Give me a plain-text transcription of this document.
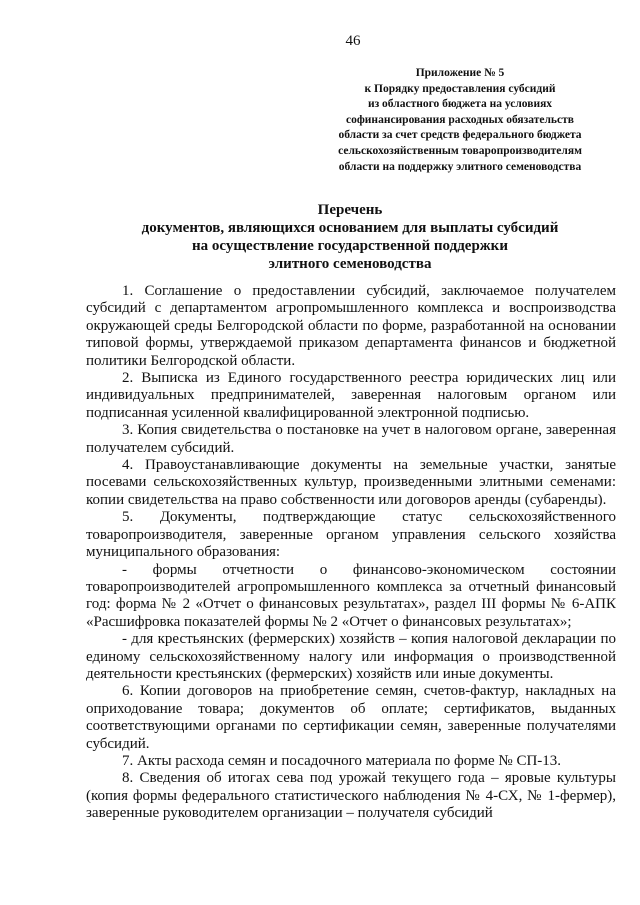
46
Приложение № 5
к Порядку предоставления субсидий
из областного бюджета на условиях
софинансирования расходных обязательств
области за счет средств федерального бюджета
сельскохозяйственным товаропроизводителям
области на поддержку элитного семеноводства
Перечень
документов, являющихся основанием для выплаты субсидий
на осуществление государственной поддержки
элитного семеноводства

1. Соглашение о предоставлении субсидий, заключаемое получателем субсидий с департаментом агропромышленного комплекса и воспроизводства окружающей среды Белгородской области по форме, разработанной на основании типовой формы, утверждаемой приказом департамента финансов и бюджетной политики Белгородской области.

2. Выписка из Единого государственного реестра юридических лиц или индивидуальных предпринимателей, заверенная налоговым органом или подписанная усиленной квалифицированной электронной подписью.

3. Копия свидетельства о постановке на учет в налоговом органе, заверенная получателем субсидий.

4. Правоустанавливающие документы на земельные участки, занятые посевами сельскохозяйственных культур, произведенными элитными семенами: копии свидетельства на право собственности или договоров аренды (субаренды).

5. Документы, подтверждающие статус сельскохозяйственного товаропроизводителя, заверенные органом управления сельского хозяйства муниципального образования:

- формы отчетности о финансово-экономическом состоянии товаропроизводителей агропромышленного комплекса за отчетный финансовый год: форма № 2 «Отчет о финансовых результатах», раздел III формы № 6-АПК «Расшифровка показателей формы № 2 «Отчет о финансовых результатах»;

- для крестьянских (фермерских) хозяйств – копия налоговой декларации по единому сельскохозяйственному налогу или информация о производственной деятельности крестьянских (фермерских) хозяйств или иные документы.

6. Копии договоров на приобретение семян, счетов-фактур, накладных на оприходование товара; документов об оплате; сертификатов, выданных соответствующими органами по сертификации семян, заверенные получателями субсидий.

7. Акты расхода семян и посадочного материала по форме № СП-13.

8. Сведения об итогах сева под урожай текущего года – яровые культуры (копия формы федерального статистического наблюдения № 4-СХ, № 1-фермер), заверенные руководителем организации – получателя субсидий
